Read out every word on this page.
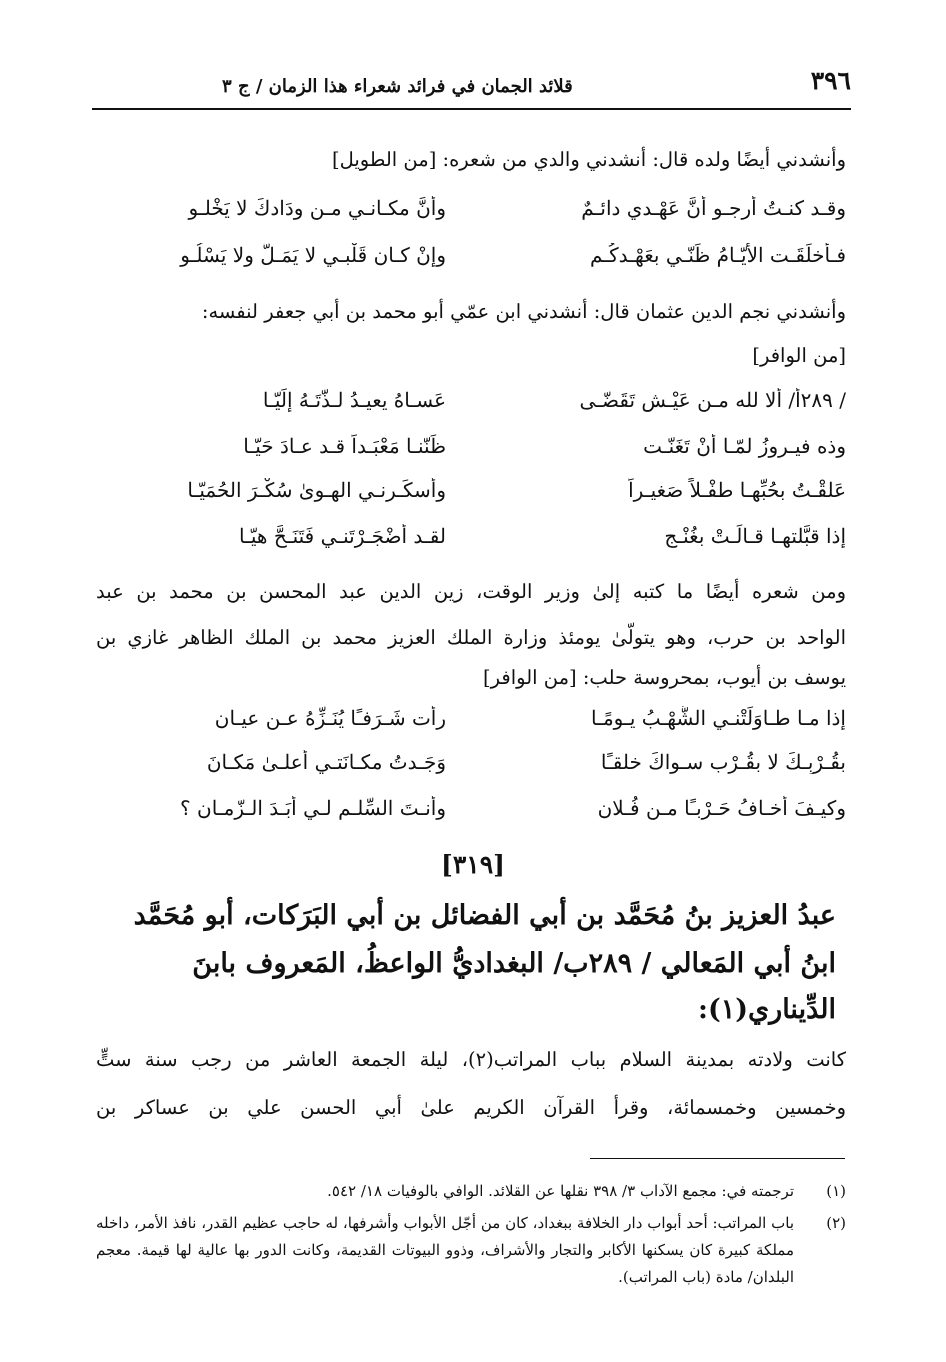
٣٩٦
قلائد الجمان في فرائد شعراء هذا الزمان / ج ٣
وأنشدني أيضًا ولده قال: أنشدني والدي من شعره: [من الطويل]
وقـد كنـتُ أرجـو أنَّ عَهْـدي دائـمٌ
وأنَّ مكـانـي مـن ودَادكَ لا يَخْلـو
فـأخلَقَـت الأيّـامُ ظَنّـي بعَهْـدكُـم
وإنْ كـان قَلْبـي لا يَمَـلُّ ولا يَسْلُـو
وأنشدني نجم الدين عثمان قال: أنشدني ابن عمّي أبو محمد بن أبي جعفر لنفسه:
[من الوافر]
/ ٢٨٩أ/ ألا لله مـن عَيْـش تَقَضّـى
عَسـاهُ يعيـدُ لـذّتَـهُ إلَيّـا
وذه فيـروزُ لمّـا أنْ تَغَنّـت
ظَنّنـا مَعْبَـداً قـد عـادَ حَيّـا
عَلقْـتُ بحُبِّهـا طفْـلاً صَغيـراً
وأسكَـرنـي الهـوىٰ سُكْـرَ الحُمَيّـا
إذا قبَّلتهـا قـالَـتْ بغُنْـجٍ
لقـد أضْجَـرْتَنـي فَتَنَـحَّ هيّـا
ومن شعره أيضًا ما كتبه إلىٰ وزير الوقت، زين الدين عبد المحسن بن محمد بن عبد
الواحد بن حرب، وهو يتولّىٰ يومئذ وزارة الملك العزيز محمد بن الملك الظاهر غازي بن
يوسف بن أيوب، بمحروسة حلب: [من الوافر]
إذا مـا طـاوَلَتْنـي الشُّهْـبُ يـومًـا
رأت شَـرَفـًا يُنَـزِّهُ عـن عيـان
بقُـرْبِـكَ لا بقُـرْب سـواكَ خلقـًا
وَجَـدتُ مكـانَتـي أعلـىٰ مَكـانَ
وكيـفَ أخـافُ حَـرْبـًا مـن فُـلان
وأنـتَ السِّلـم لـي أبَـدَ الـزّمـان ؟
[٣١٩]
عبدُ العزيز بنُ مُحَمَّد بن أبي الفضائل بن أبي البَرَكات، أبو مُحَمَّد
ابنُ أبي المَعالي / ٢٨٩ب/ البغداديُّ الواعظُ، المَعروف بابنَ
الدِّيناري(١):
كانت ولادته بمدينة السلام بباب المراتب(٢)، ليلة الجمعة العاشر من رجب سنة ستٍّ
وخمسين وخمسمائة، وقرأ القرآن الكريم علىٰ أبي الحسن علي بن عساكر بن
(١)
ترجمته في: مجمع الآداب ٣/ ٣٩٨ نقلها عن القلائد. الوافي بالوفيات ١٨/ ٥٤٢.
(٢)
باب المراتب: أحد أبواب دار الخلافة ببغداد، كان من أجّل الأبواب وأشرفها، له حاجب عظيم القدر، نافذ الأمر، داخله مملكة كبيرة كان يسكنها الأكابر والتجار والأشراف، وذوو البيوتات القديمة، وكانت الدور بها عالية لها قيمة. معجم البلدان/ مادة (باب المراتب).
